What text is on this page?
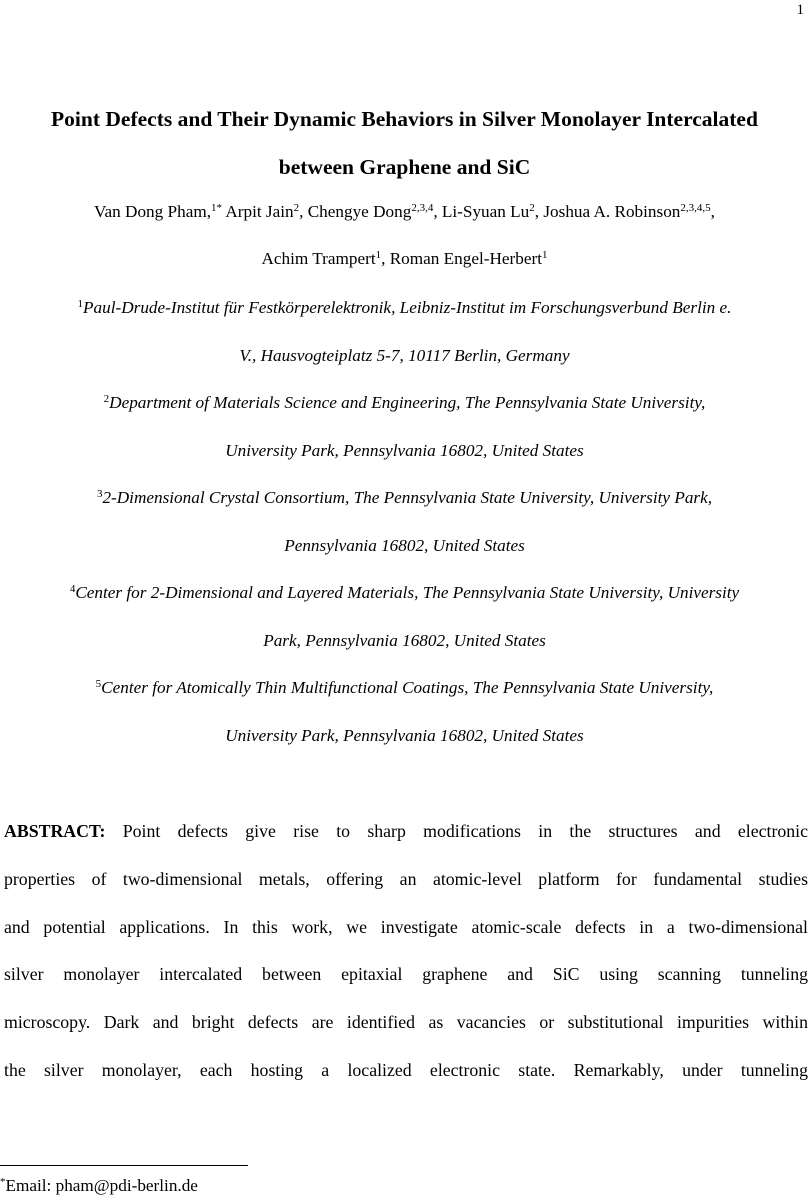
1
Point Defects and Their Dynamic Behaviors in Silver Monolayer Intercalated
between Graphene and SiC
Van Dong Pham,$^{1*}$ Arpit Jain$^2$, Chengye Dong$^{2,3,4}$, Li-Syuan Lu$^2$, Joshua A. Robinson$^{2,3,4,5}$,
Achim Trampert$^1$, Roman Engel-Herbert$^1$
$^1$Paul-Drude-Institut für Festkörperelektronik, Leibniz-Institut im Forschungsverbund Berlin e.
V., Hausvogteiplatz 5-7, 10117 Berlin, Germany
$^2$Department of Materials Science and Engineering, The Pennsylvania State University,
University Park, Pennsylvania 16802, United States
$^3$2-Dimensional Crystal Consortium, The Pennsylvania State University, University Park,
Pennsylvania 16802, United States
$^4$Center for 2-Dimensional and Layered Materials, The Pennsylvania State University, University
Park, Pennsylvania 16802, United States
$^5$Center for Atomically Thin Multifunctional Coatings, The Pennsylvania State University,
University Park, Pennsylvania 16802, United States
ABSTRACT: Point defects give rise to sharp modifications in the structures and electronic
properties of two-dimensional metals, offering an atomic-level platform for fundamental studies
and potential applications. In this work, we investigate atomic-scale defects in a two-dimensional
silver monolayer intercalated between epitaxial graphene and SiC using scanning tunneling
microscopy. Dark and bright defects are identified as vacancies or substitutional impurities within
the silver monolayer, each hosting a localized electronic state. Remarkably, under tunneling
*Email: pham@pdi-berlin.de
